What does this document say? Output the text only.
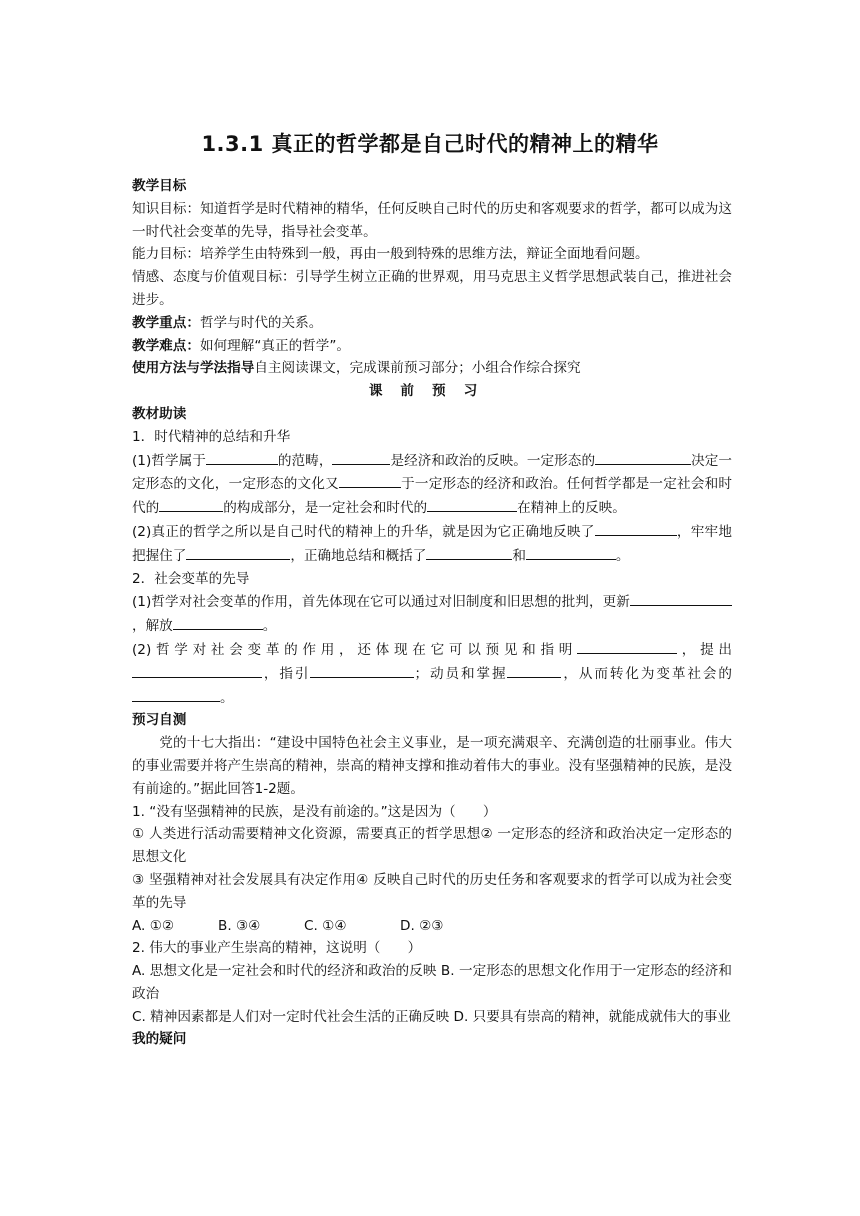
1.3.1 真正的哲学都是自己时代的精神上的精华

教学目标

知识目标：知道哲学是时代精神的精华，任何反映自己时代的历史和客观要求的哲学，都可以成为这一时代社会变革的先导，指导社会变革。

能力目标：培养学生由特殊到一般，再由一般到特殊的思维方法，辩证全面地看问题。

情感、态度与价值观目标：引导学生树立正确的世界观，用马克思主义哲学思想武装自己，推进社会进步。

教学重点：哲学与时代的关系。

教学难点：如何理解“真正的哲学”。

使用方法与学法指导自主阅读课文，完成课前预习部分；小组合作综合探究

课前预习

教材助读

1．时代精神的总结和升华

(1)哲学属于	的范畴，	是经济和政治的反映。一定形态的	决定一定形态的文化，一定形态的文化又	于一定形态的经济和政治。任何哲学都是一定社会和时代的	的构成部分，是一定社会和时代的	在精神上的反映。

(2)真正的哲学之所以是自己时代的精神上的升华，就是因为它正确地反映了	，牢牢地把握住了	，正确地总结和概括了	和	。

2．社会变革的先导

(1)哲学对社会变革的作用，首先体现在它可以通过对旧制度和旧思想的批判，更新，解放	。

(2)哲学对社会变革的作用，还体现在它可以预见和指明	，提出，指引	；动员和掌握	，从而转化为变革社会的。

预习自测

党的十七大指出：“建设中国特色社会主义事业，是一项充满艰辛、充满创造的壮丽事业。伟大的事业需要并将产生崇高的精神，崇高的精神支撑和推动着伟大的事业。没有坚强精神的民族，是没有前途的。”据此回答1-2题。

1. “没有坚强精神的民族，是没有前途的。”这是因为（　　）

① 人类进行活动需要精神文化资源，需要真正的哲学思想② 一定形态的经济和政治决定一定形态的思想文化

③ 坚强精神对社会发展具有决定作用④ 反映自己时代的历史任务和客观要求的哲学可以成为社会变革的先导

A. ①②	B. ③④	C. ①④	D. ②③

2. 伟大的事业产生崇高的精神，这说明（　　）

A. 思想文化是一定社会和时代的经济和政治的反映 B. 一定形态的思想文化作用于一定形态的经济和政治

C. 精神因素都是人们对一定时代社会生活的正确反映 D. 只要具有崇高的精神，就能成就伟大的事业

我的疑问
